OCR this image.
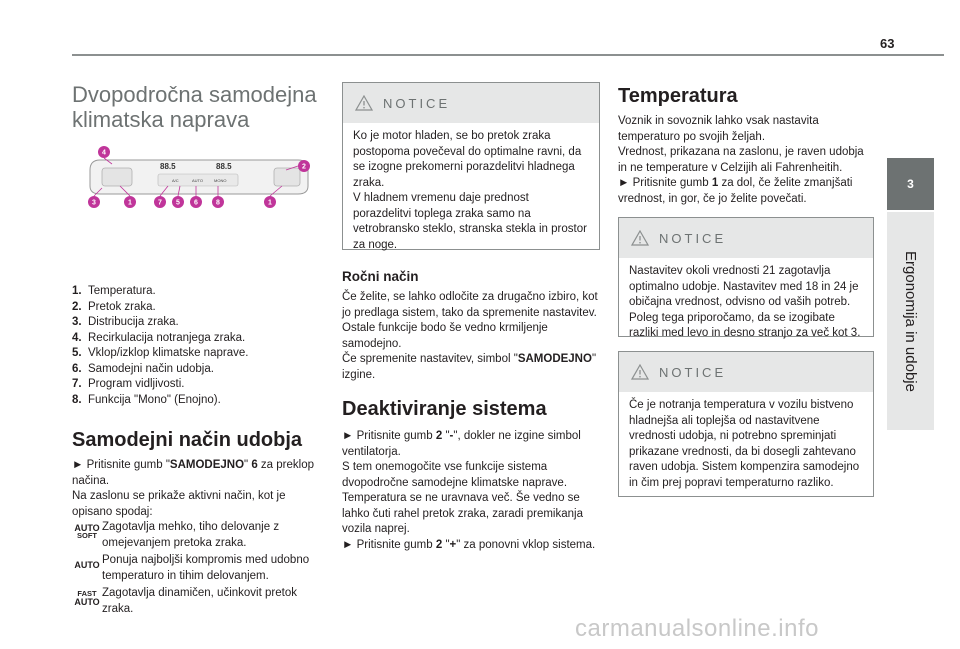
63
3
Ergonomija in udobje
Dvopodročna samodejna
klimatska naprava
88.5	88.5
A/C	AUTO	MONO
4
2
3	1	7 5 6	8	1
1. Temperatura.
2. Pretok zraka.
3. Distribucija zraka.
4. Recirkulacija notranjega zraka.
5. Vklop/izklop klimatske naprave.
6. Samodejni način udobja.
7. Program vidljivosti.
8. Funkcija "Mono" (Enojno).
Samodejni način udobja

► Pritisnite gumb "SAMODEJNO" 6 za preklop načina.

Na zaslonu se prikaže aktivni način, kot je opisano spodaj:

AUTO
SOFT

Zagotavlja mehko, tiho delovanje z omejevanjem pretoka zraka.

AUTO Ponuja najboljši kompromis med udobno temperaturo in tihim delovanjem.

FAST
AUTO

Zagotavlja dinamičen, učinkovit pretok zraka.

NOTICE

Ko je motor hladen, se bo pretok zraka postopoma povečeval do optimalne ravni, da se izogne prekomerni porazdelitvi hladnega zraka.

V hladnem vremenu daje prednost porazdelitvi toplega zraka samo na vetrobransko steklo, stranska stekla in prostor za noge.

Ročni način

Če želite, se lahko odločite za drugačno izbiro, kot jo predlaga sistem, tako da spremenite nastavitev. Ostale funkcije bodo še vedno krmiljenje samodejno.

Če spremenite nastavitev, simbol "SAMODEJNO" izgine.

Deaktiviranje sistema

► Pritisnite gumb 2 "-", dokler ne izgine simbol ventilatorja.

S tem onemogočite vse funkcije sistema dvopodročne samodejne klimatske naprave.

Temperatura se ne uravnava več. Še vedno se lahko čuti rahel pretok zraka, zaradi premikanja vozila naprej.

► Pritisnite gumb 2 "+" za ponovni vklop sistema.

Temperatura

Voznik in sovoznik lahko vsak nastavita temperaturo po svojih željah.

Vrednost, prikazana na zaslonu, je raven udobja in ne temperature v Celzijih ali Fahrenheitih.

► Pritisnite gumb 1 za dol, če želite zmanjšati vrednost, in gor, če jo želite povečati.

NOTICE

Nastavitev okoli vrednosti 21 zagotavlja optimalno udobje. Nastavitev med 18 in 24 je običajna vrednost, odvisno od vaših potreb. Poleg tega priporočamo, da se izogibate razliki med levo in desno stranjo za več kot 3.

NOTICE

Če je notranja temperatura v vozilu bistveno hladnejša ali toplejša od nastavitvene vrednosti udobja, ni potrebno spreminjati prikazane vrednosti, da bi dosegli zahtevano raven udobja. Sistem kompenzira samodejno in čim prej popravi temperaturno razliko.

carmanualsonline.info
